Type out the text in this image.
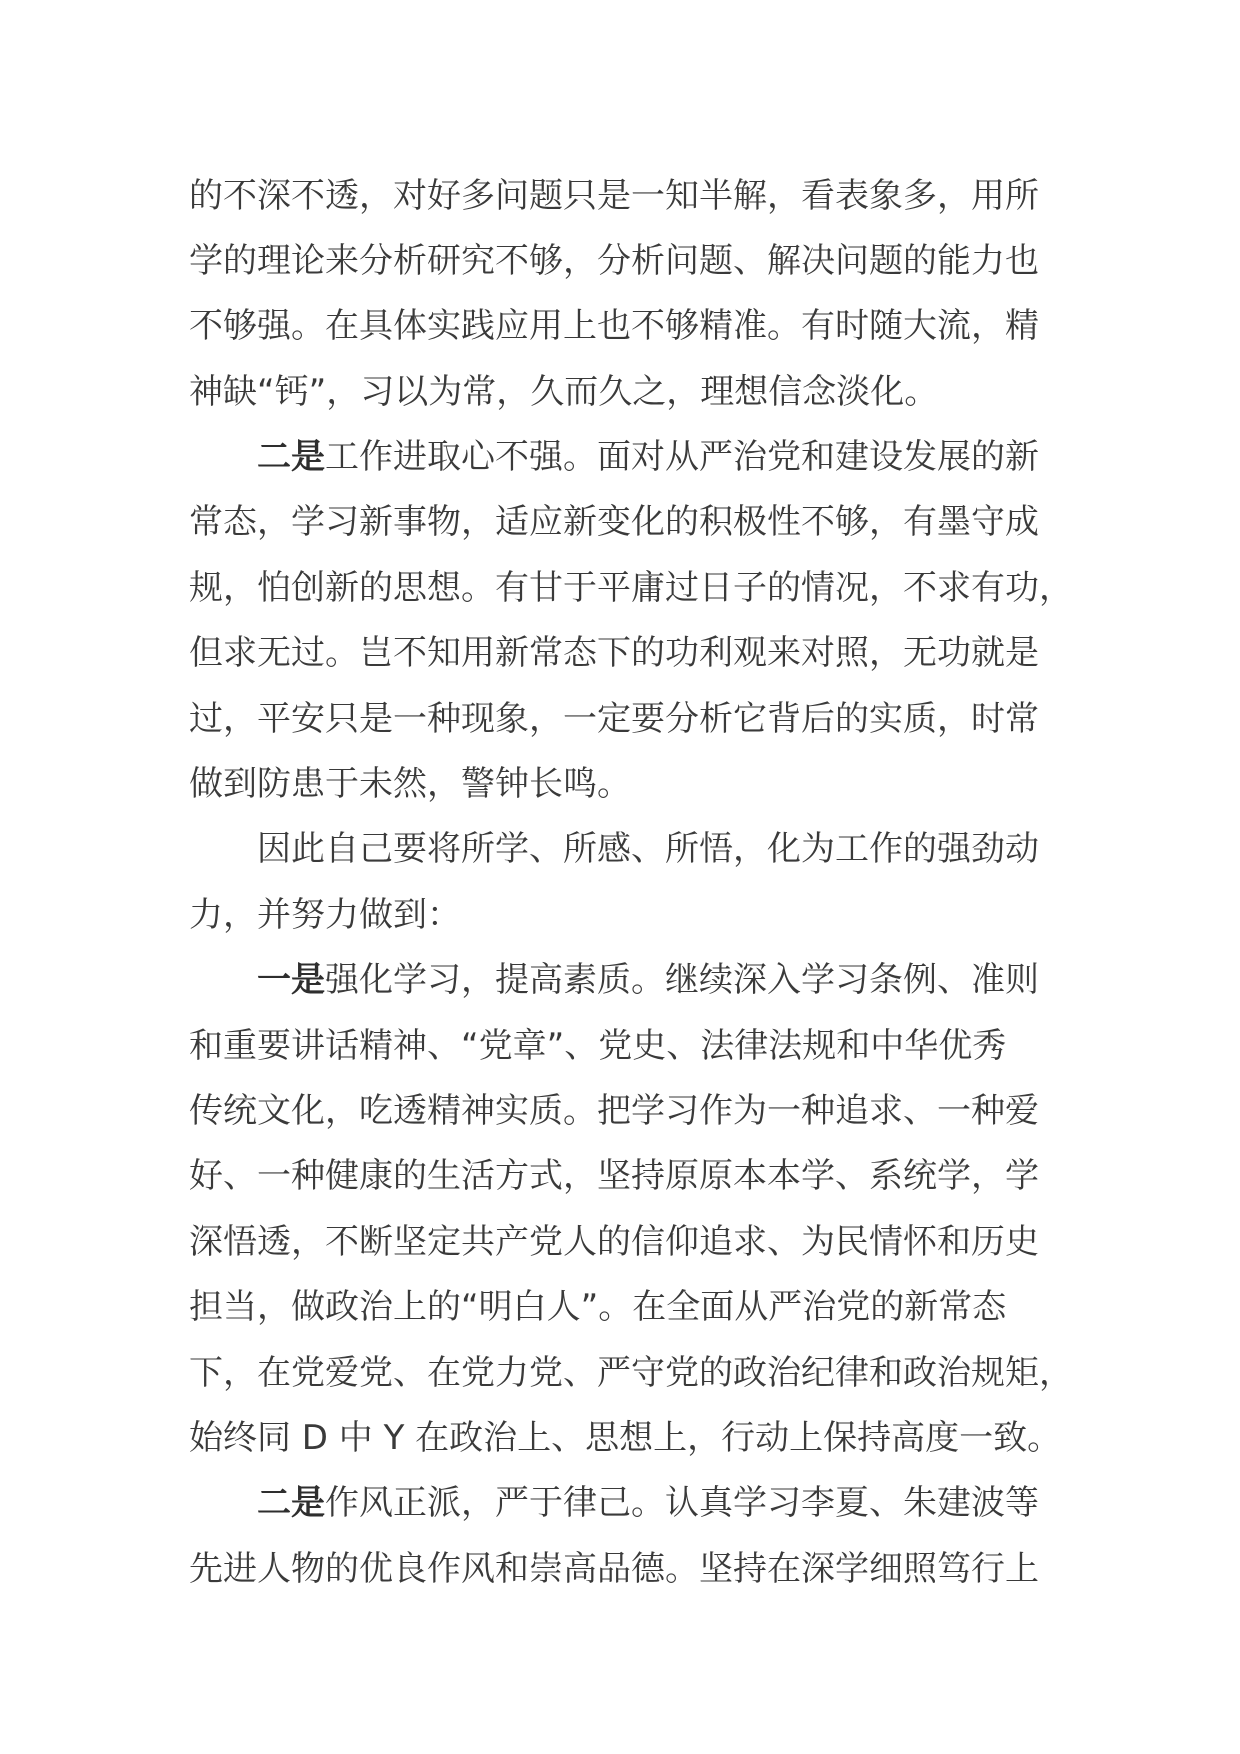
的不深不透，对好多问题只是一知半解，看表象多，用所

学的理论来分析研究不够，分析问题、解决问题的能力也

不够强。在具体实践应用上也不够精准。有时随大流，精

神缺“钙”，习以为常，久而久之，理想信念淡化。

二是工作进取心不强。面对从严治党和建设发展的新

常态，学习新事物，适应新变化的积极性不够，有墨守成

规，怕创新的思想。有甘于平庸过日子的情况，不求有功，

但求无过。岂不知用新常态下的功利观来对照，无功就是

过，平安只是一种现象，一定要分析它背后的实质，时常

做到防患于未然，警钟长鸣。

因此自己要将所学、所感、所悟，化为工作的强劲动

力，并努力做到：

一是强化学习，提高素质。继续深入学习条例、准则

和重要讲话精神、“党章”、党史、法律法规和中华优秀

传统文化，吃透精神实质。把学习作为一种追求、一种爱

好、一种健康的生活方式，坚持原原本本学、系统学，学

深悟透，不断坚定共产党人的信仰追求、为民情怀和历史

担当，做政治上的“明白人”。在全面从严治党的新常态

下，在党爱党、在党力党、严守党的政治纪律和政治规矩，

始终同 D 中 Y 在政治上、思想上，行动上保持高度一致。

二是作风正派，严于律己。认真学习李夏、朱建波等

先进人物的优良作风和崇高品德。坚持在深学细照笃行上
